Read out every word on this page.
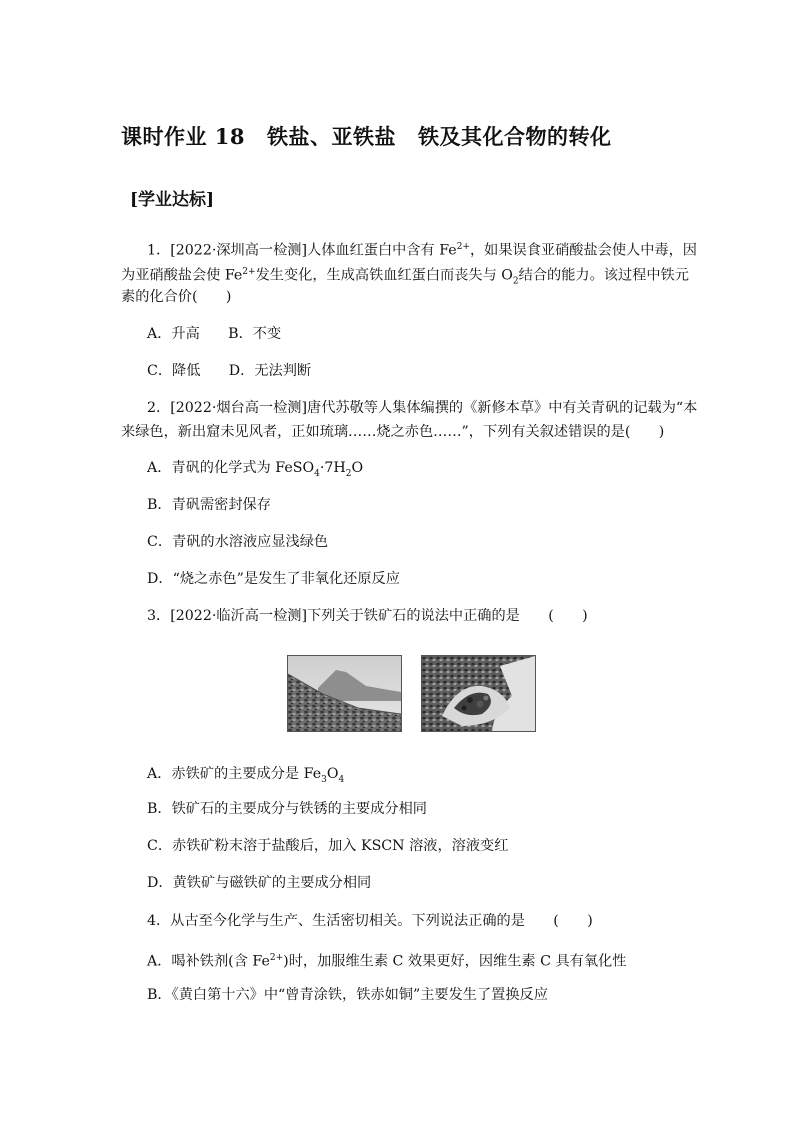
课时作业 18 铁盐、亚铁盐 铁及其化合物的转化
[学业达标]
1．[2022·深圳高一检测]人体血红蛋白中含有 $Fe^{2+}$，如果误食亚硝酸盐会使人中毒，因
为亚硝酸盐会使 $Fe^{2+}$发生变化，生成高铁血红蛋白而丧失与 $O_2$结合的能力。该过程中铁元
素的化合价(　　)
A．升高　　B．不变
C．降低　　D．无法判断
2．[2022·烟台高一检测]唐代苏敬等人集体编撰的《新修本草》中有关青矾的记载为“本
来绿色，新出窟未见风者，正如琉璃……烧之赤色……”，下列有关叙述错误的是(　　)
A．青矾的化学式为 $FeSO_4\cdot 7H_2O$
B．青矾需密封保存
C．青矾的水溶液应显浅绿色
D．“烧之赤色”是发生了非氧化还原反应
3．[2022·临沂高一检测]下列关于铁矿石的说法中正确的是　　(　　)
A．赤铁矿的主要成分是 $Fe_3O_4$
B．铁矿石的主要成分与铁锈的主要成分相同
C．赤铁矿粉末溶于盐酸后，加入 KSCN 溶液，溶液变红
D．黄铁矿与磁铁矿的主要成分相同
4．从古至今化学与生产、生活密切相关。下列说法正确的是　　(　　)
A．喝补铁剂(含 $Fe^{2+}$)时，加服维生素 C 效果更好，因维生素 C 具有氧化性
B．《黄白第十六》中“曾青涂铁，铁赤如铜”主要发生了置换反应
